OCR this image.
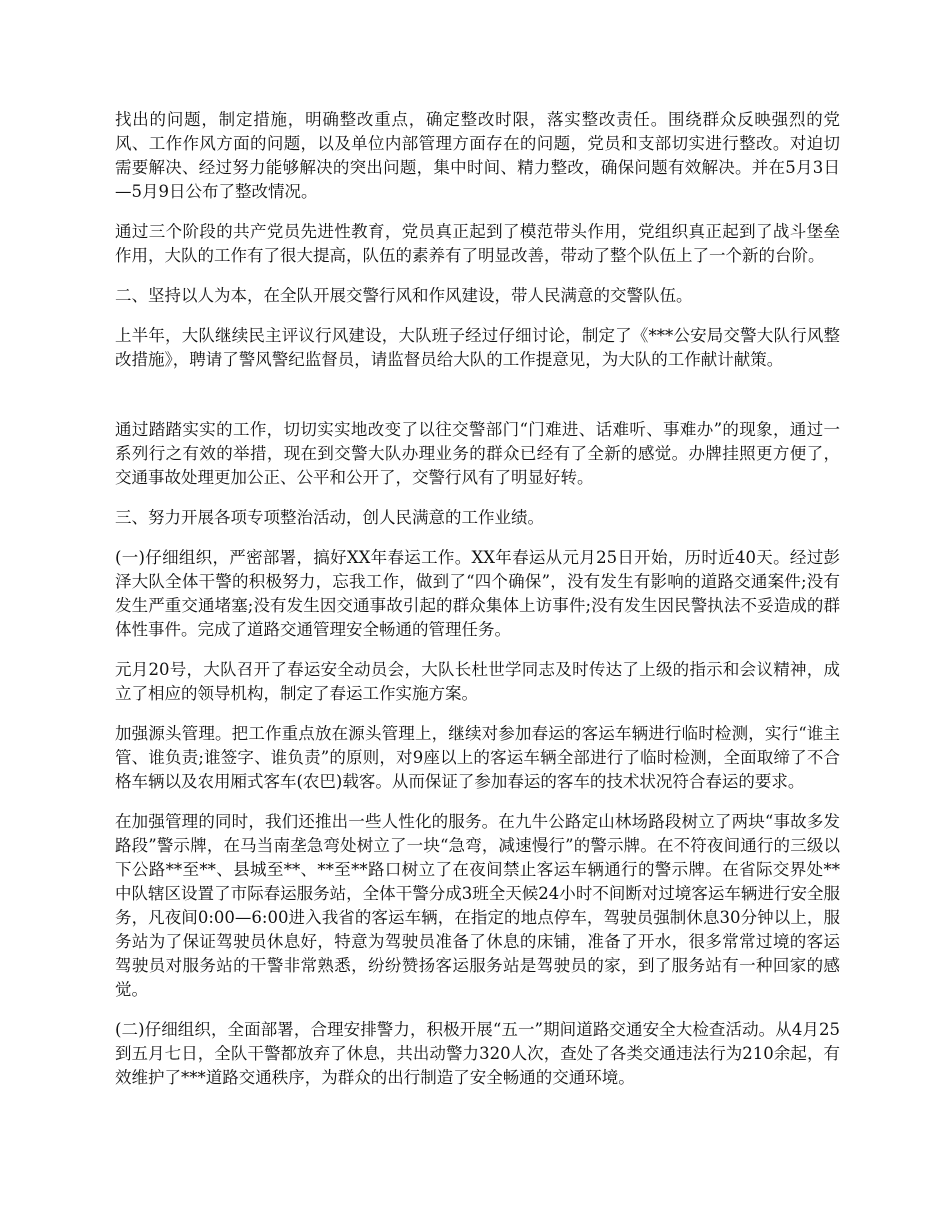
找出的问题，制定措施，明确整改重点，确定整改时限，落实整改责任。围绕群众反映强烈的党风、工作作风方面的问题，以及单位内部管理方面存在的问题，党员和支部切实进行整改。对迫切需要解决、经过努力能够解决的突出问题，集中时间、精力整改，确保问题有效解决。并在5月3日—5月9日公布了整改情况。

通过三个阶段的共产党员先进性教育，党员真正起到了模范带头作用，党组织真正起到了战斗堡垒作用，大队的工作有了很大提高，队伍的素养有了明显改善，带动了整个队伍上了一个新的台阶。

二、坚持以人为本，在全队开展交警行风和作风建设，带人民满意的交警队伍。

上半年，大队继续民主评议行风建设，大队班子经过仔细讨论，制定了《***公安局交警大队行风整改措施》，聘请了警风警纪监督员，请监督员给大队的工作提意见，为大队的工作献计献策。

通过踏踏实实的工作，切切实实地改变了以往交警部门“门难进、话难听、事难办”的现象，通过一系列行之有效的举措，现在到交警大队办理业务的群众已经有了全新的感觉。办牌挂照更方便了，交通事故处理更加公正、公平和公开了，交警行风有了明显好转。

三、努力开展各项专项整治活动，创人民满意的工作业绩。

(一)仔细组织，严密部署，搞好XX年春运工作。XX年春运从元月25日开始，历时近40天。经过彭泽大队全体干警的积极努力，忘我工作，做到了“四个确保”，没有发生有影响的道路交通案件;没有发生严重交通堵塞;没有发生因交通事故引起的群众集体上访事件;没有发生因民警执法不妥造成的群体性事件。完成了道路交通管理安全畅通的管理任务。

元月20号，大队召开了春运安全动员会，大队长杜世学同志及时传达了上级的指示和会议精神，成立了相应的领导机构，制定了春运工作实施方案。

加强源头管理。把工作重点放在源头管理上，继续对参加春运的客运车辆进行临时检测，实行“谁主管、谁负责;谁签字、谁负责”的原则，对9座以上的客运车辆全部进行了临时检测，全面取缔了不合格车辆以及农用厢式客车(农巴)载客。从而保证了参加春运的客车的技术状况符合春运的要求。

在加强管理的同时，我们还推出一些人性化的服务。在九牛公路定山林场路段树立了两块“事故多发路段”警示牌，在马当南垄急弯处树立了一块“急弯，减速慢行”的警示牌。在不符夜间通行的三级以下公路**至**、县城至**、**至**路口树立了在夜间禁止客运车辆通行的警示牌。在省际交界处**中队辖区设置了市际春运服务站，全体干警分成3班全天候24小时不间断对过境客运车辆进行安全服务，凡夜间0:00—6:00进入我省的客运车辆，在指定的地点停车，驾驶员强制休息30分钟以上，服务站为了保证驾驶员休息好，特意为驾驶员准备了休息的床铺，准备了开水，很多常常过境的客运驾驶员对服务站的干警非常熟悉，纷纷赞扬客运服务站是驾驶员的家，到了服务站有一种回家的感觉。

(二)仔细组织，全面部署，合理安排警力，积极开展“五一”期间道路交通安全大检查活动。从4月25到五月七日，全队干警都放弃了休息，共出动警力320人次，查处了各类交通违法行为210余起，有效维护了***道路交通秩序，为群众的出行制造了安全畅通的交通环境。
